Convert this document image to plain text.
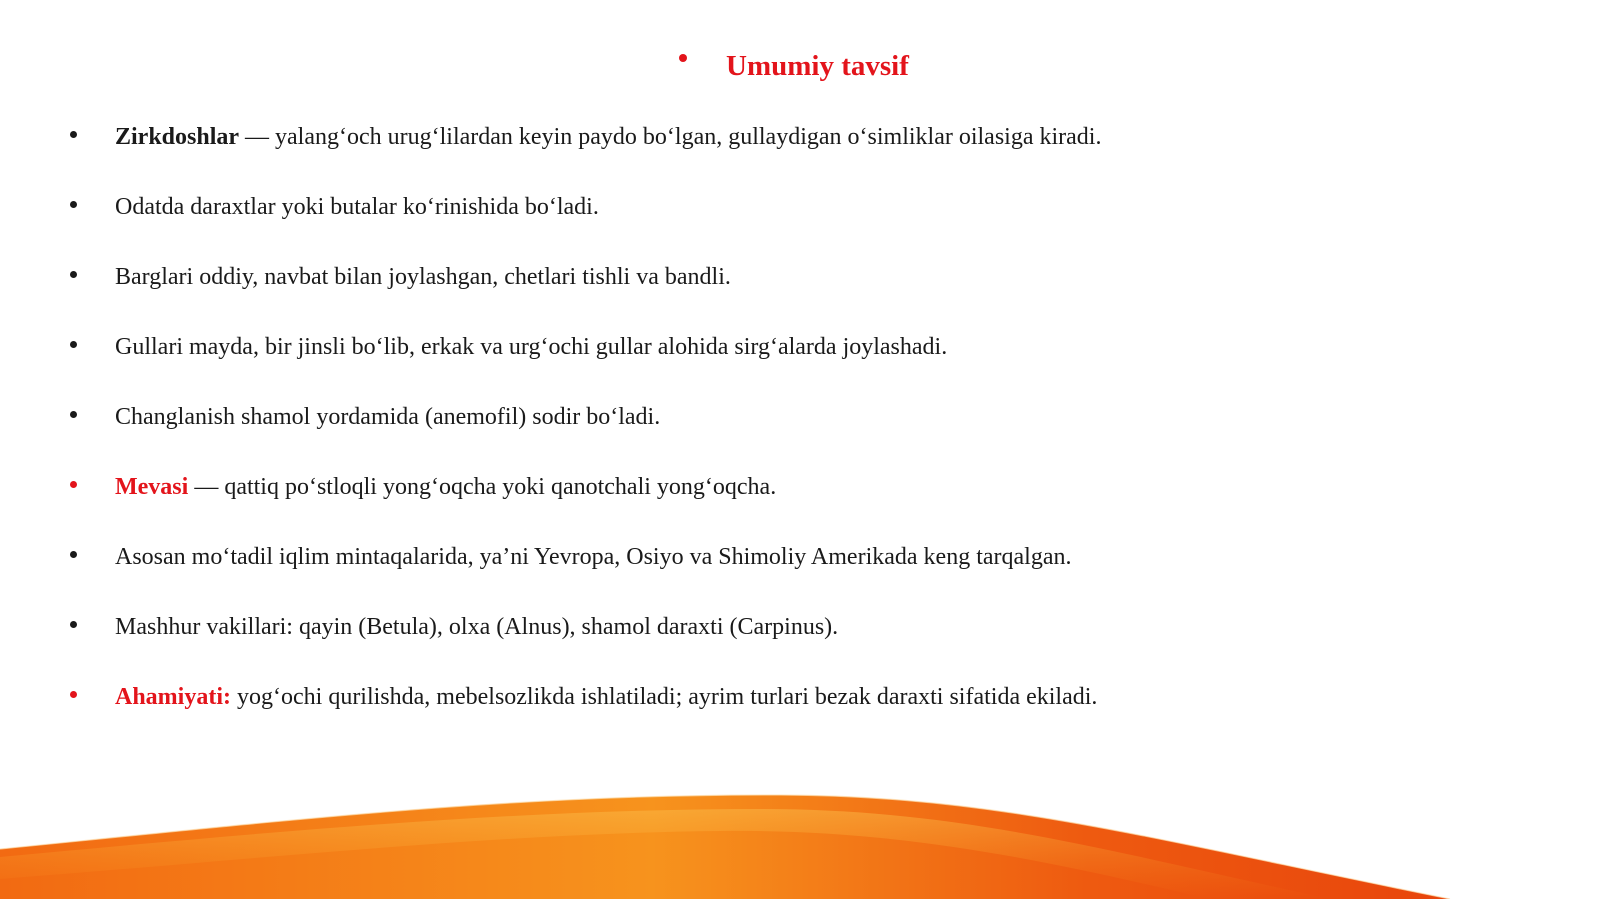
Umumiy tavsif
Zirkdoshlar — yalang‘och urug‘lilardan keyin paydo bo‘lgan, gullaydigan o‘simliklar oilasiga kiradi.
Odatda daraxtlar yoki butalar ko‘rinishida bo‘ladi.
Barglari oddiy, navbat bilan joylashgan, chetlari tishli va bandli.
Gullari mayda, bir jinsli bo‘lib, erkak va urg‘ochi gullar alohida sirg‘alarda joylashadi.
Changlanish shamol yordamida (anemofil) sodir bo‘ladi.
Mevasi — qattiq po‘stloqli yong‘oqcha yoki qanotchali yong‘oqcha.
Asosan mo‘tadil iqlim mintaqalarida, ya’ni Yevropa, Osiyo va Shimoliy Amerikada keng tarqalgan.
Mashhur vakillari: qayin (Betula), olxa (Alnus), shamol daraxti (Carpinus).
Ahamiyati: yog‘ochi qurilishda, mebelsozlikda ishlatiladi; ayrim turlari bezak daraxti sifatida ekiladi.
